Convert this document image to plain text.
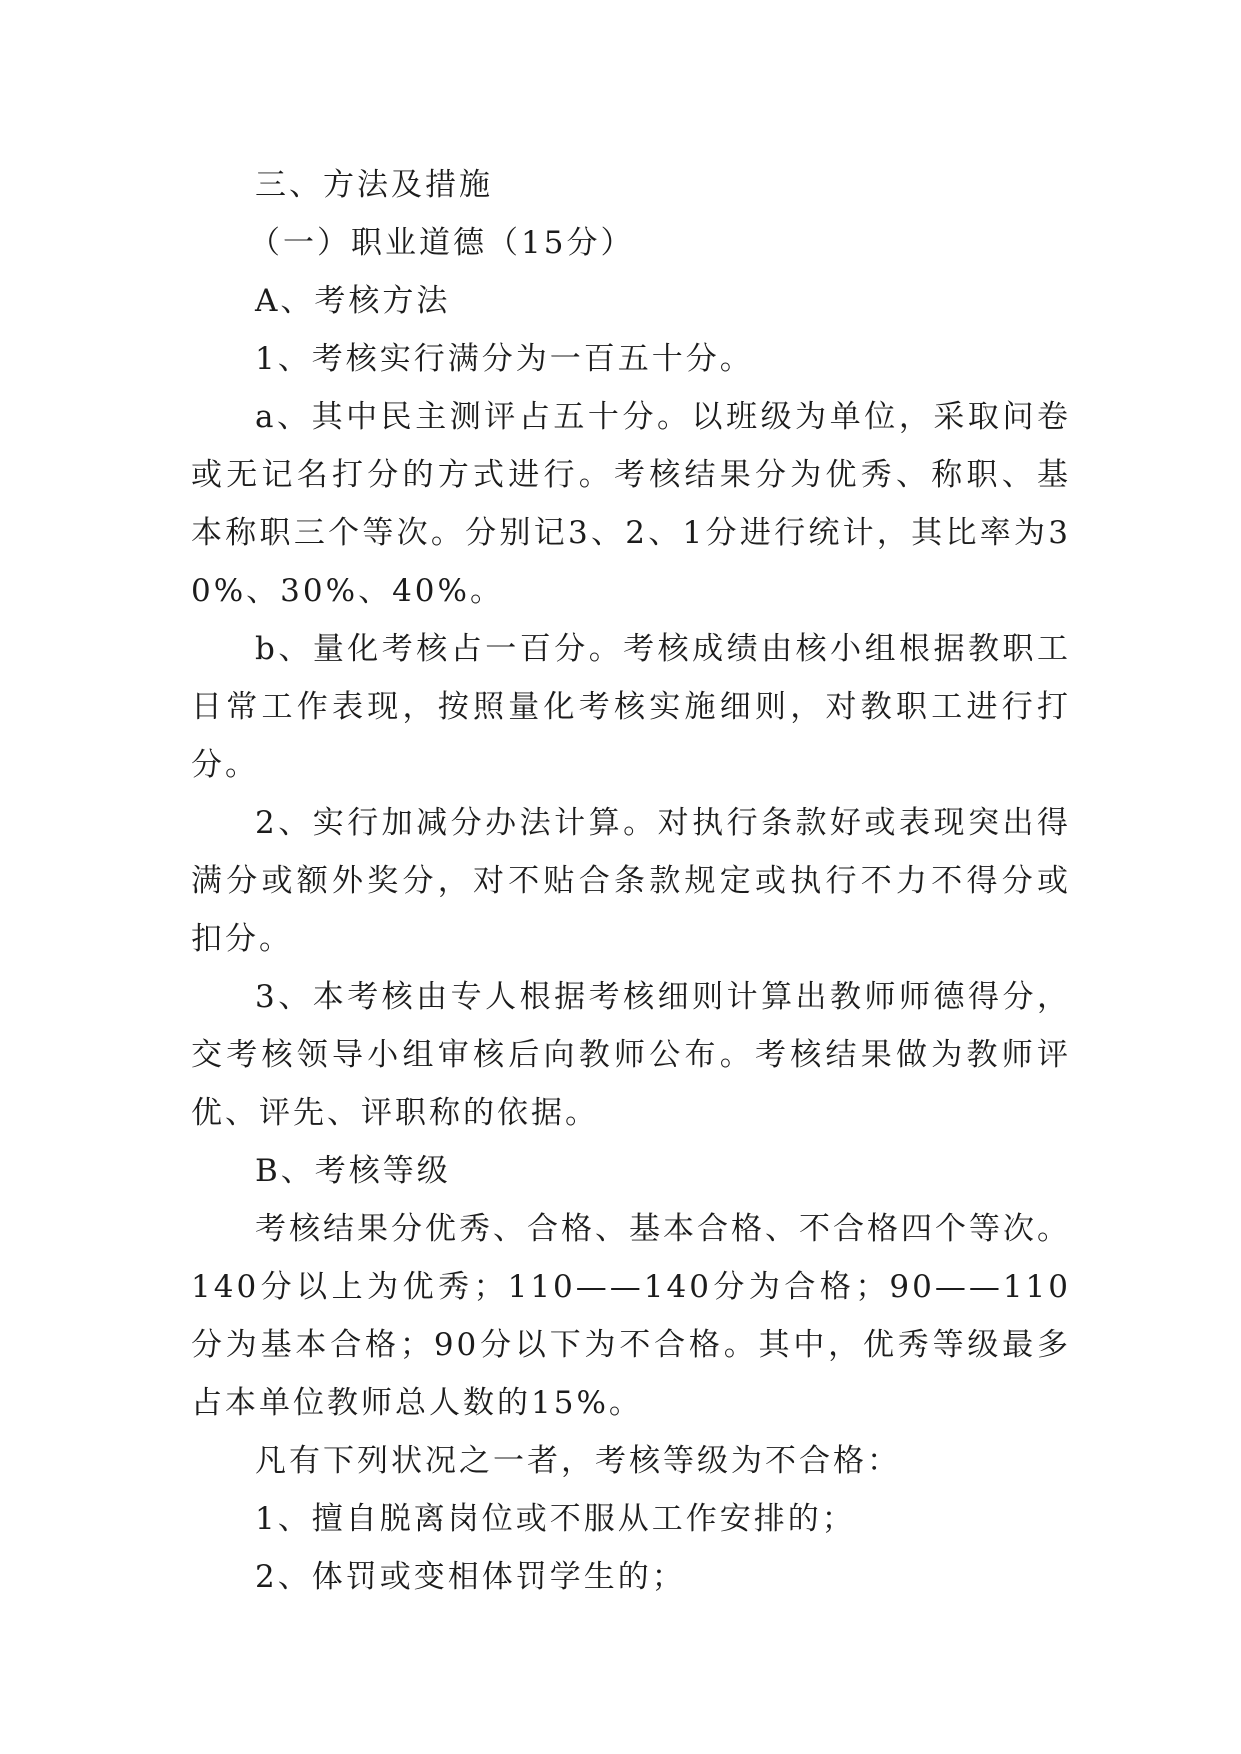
三、方法及措施

（一）职业道德（15分）

A、考核方法

1、考核实行满分为一百五十分。

a、其中民主测评占五十分。以班级为单位，采取问卷或无记名打分的方式进行。考核结果分为优秀、称职、基本称职三个等次。分别记3、2、1分进行统计，其比率为30%、30%、40%。

b、量化考核占一百分。考核成绩由核小组根据教职工日常工作表现，按照量化考核实施细则，对教职工进行打分。

2、实行加减分办法计算。对执行条款好或表现突出得满分或额外奖分，对不贴合条款规定或执行不力不得分或扣分。

3、本考核由专人根据考核细则计算出教师师德得分，交考核领导小组审核后向教师公布。考核结果做为教师评优、评先、评职称的依据。

B、考核等级

考核结果分优秀、合格、基本合格、不合格四个等次。140分以上为优秀；110——140分为合格；90——110分为基本合格；90分以下为不合格。其中，优秀等级最多占本单位教师总人数的15%。

凡有下列状况之一者，考核等级为不合格：

1、擅自脱离岗位或不服从工作安排的；

2、体罚或变相体罚学生的；
